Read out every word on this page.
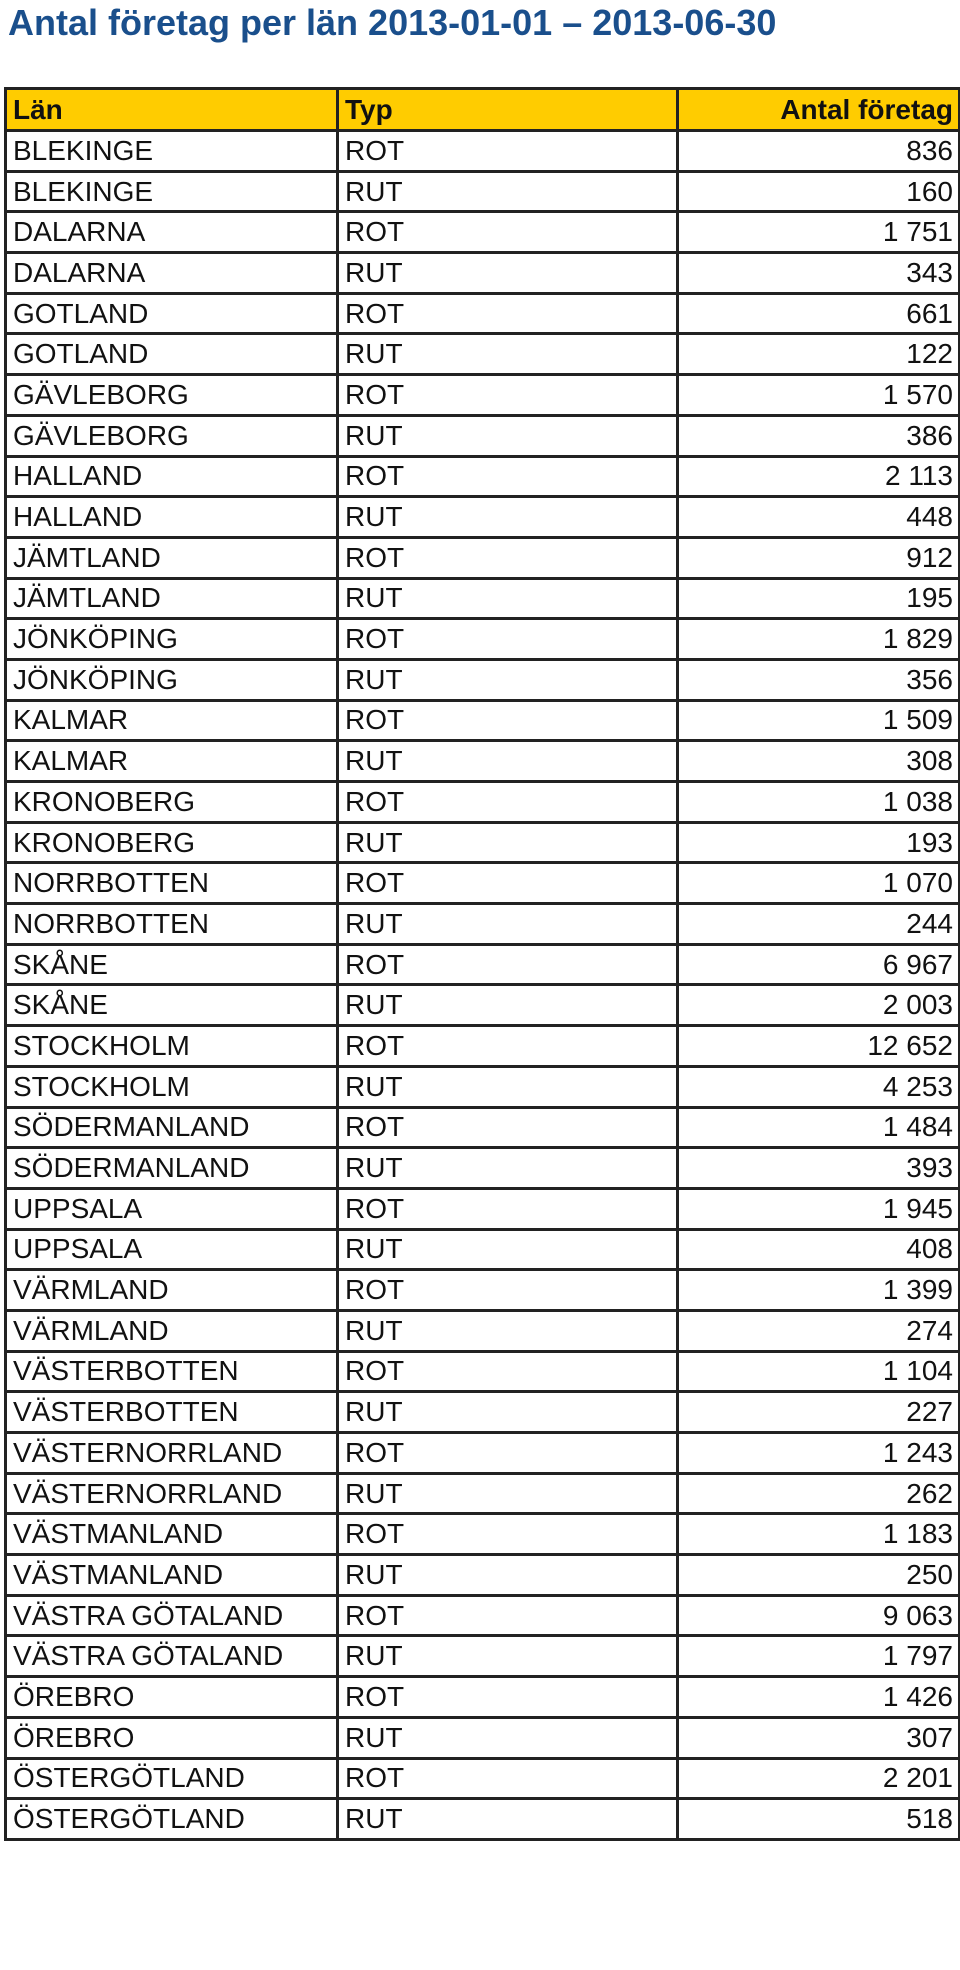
Antal företag per län 2013-01-01 – 2013-06-30
Län	Typ	Antal företag
BLEKINGE	ROT	836
BLEKINGE	RUT	160
DALARNA	ROT	1 751
DALARNA	RUT	343
GOTLAND	ROT	661
GOTLAND	RUT	122
GÄVLEBORG	ROT	1 570
GÄVLEBORG	RUT	386
HALLAND	ROT	2 113
HALLAND	RUT	448
JÄMTLAND	ROT	912
JÄMTLAND	RUT	195
JÖNKÖPING	ROT	1 829
JÖNKÖPING	RUT	356
KALMAR	ROT	1 509
KALMAR	RUT	308
KRONOBERG	ROT	1 038
KRONOBERG	RUT	193
NORRBOTTEN	ROT	1 070
NORRBOTTEN	RUT	244
SKÅNE	ROT	6 967
SKÅNE	RUT	2 003
STOCKHOLM	ROT	12 652
STOCKHOLM	RUT	4 253
SÖDERMANLAND	ROT	1 484
SÖDERMANLAND	RUT	393
UPPSALA	ROT	1 945
UPPSALA	RUT	408
VÄRMLAND	ROT	1 399
VÄRMLAND	RUT	274
VÄSTERBOTTEN	ROT	1 104
VÄSTERBOTTEN	RUT	227
VÄSTERNORRLAND	ROT	1 243
VÄSTERNORRLAND	RUT	262
VÄSTMANLAND	ROT	1 183
VÄSTMANLAND	RUT	250
VÄSTRA GÖTALAND	ROT	9 063
VÄSTRA GÖTALAND	RUT	1 797
ÖREBRO	ROT	1 426
ÖREBRO	RUT	307
ÖSTERGÖTLAND	ROT	2 201
ÖSTERGÖTLAND	RUT	518
